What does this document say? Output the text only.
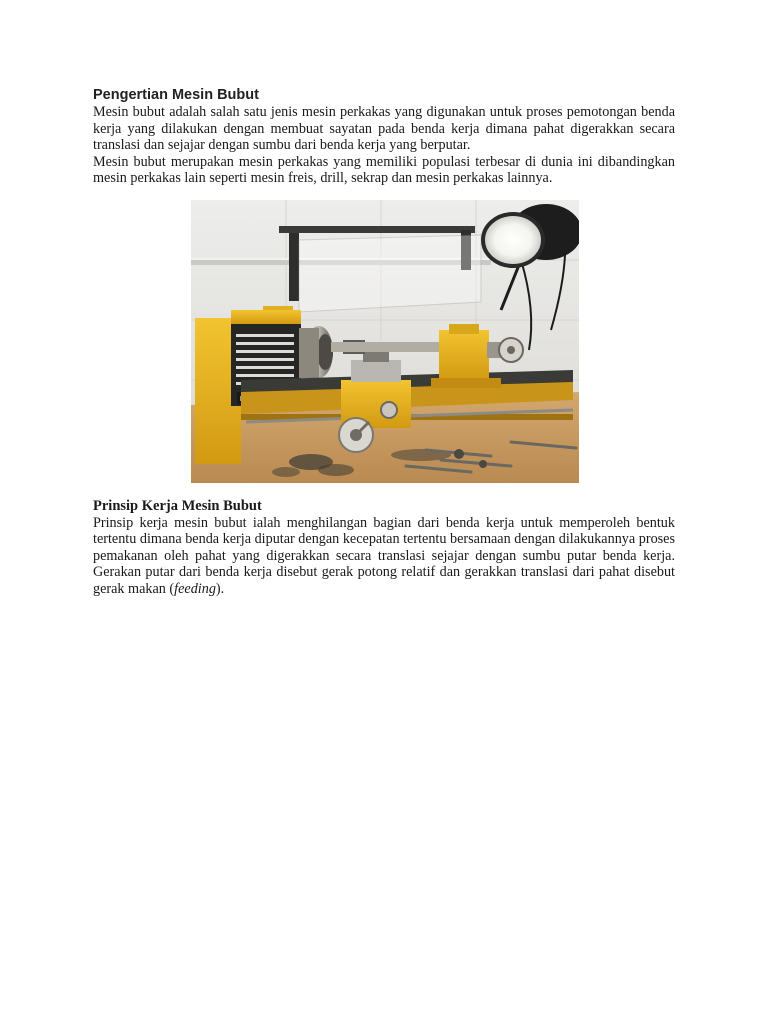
Pengertian Mesin Bubut

Mesin bubut adalah salah satu jenis mesin perkakas yang digunakan untuk proses pemotongan benda kerja yang dilakukan dengan membuat sayatan pada benda kerja dimana pahat digerakkan secara translasi dan sejajar dengan sumbu dari benda kerja yang berputar.

Mesin bubut merupakan mesin perkakas yang memiliki populasi terbesar di dunia ini dibandingkan mesin perkakas lain seperti mesin freis, drill, sekrap dan mesin perkakas lainnya.

Prinsip Kerja Mesin Bubut

Prinsip kerja mesin bubut ialah menghilangan bagian dari benda kerja untuk memperoleh bentuk tertentu dimana benda kerja diputar dengan kecepatan tertentu bersamaan dengan dilakukannya proses pemakanan oleh pahat yang digerakkan secara translasi sejajar dengan sumbu putar benda kerja. Gerakan putar dari benda kerja disebut gerak potong relatif dan gerakkan translasi dari pahat disebut gerak makan (feeding).
